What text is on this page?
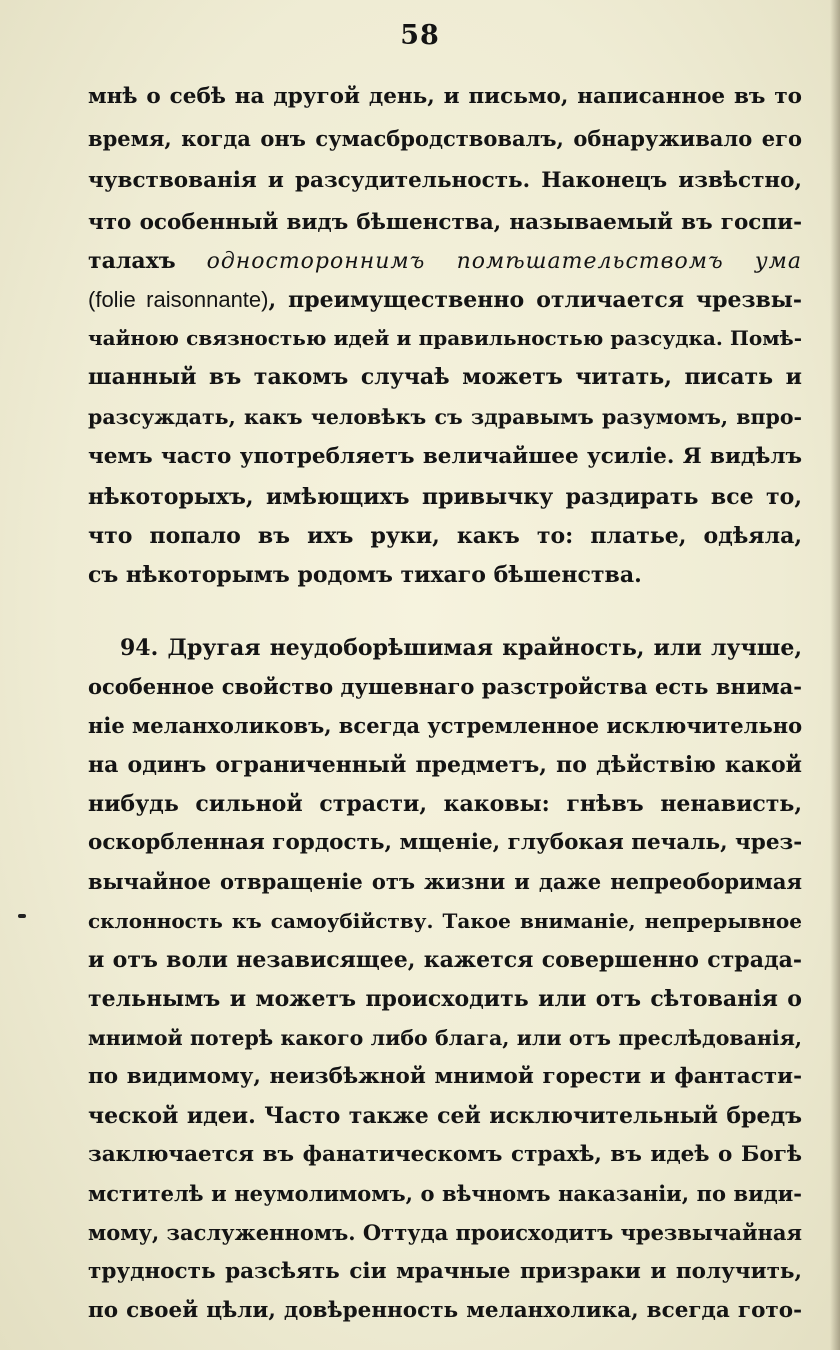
58
мнѣ о себѣ на другой день, и письмо, написанное въ то
время, когда онъ сумасбродствовалъ, обнаруживало его
чувствованія и разсудительность. Наконецъ извѣстно,
что особенный видъ бѣшенства, называемый въ госпи-
талахъ одностороннимъ помѣшательствомъ ума
(folie raisonnante), преимущественно отличается чрезвы-
чайною связностью идей и правильностью разсудка. Помѣ-
шанный въ такомъ случаѣ можетъ читать, писать и
разсуждать, какъ человѣкъ съ здравымъ разумомъ, впро-
чемъ часто употребляетъ величайшее усиліе. Я видѣлъ
нѣкоторыхъ, имѣющихъ привычку раздирать все то,
что попало въ ихъ руки, какъ то: платье, одѣяла,
съ нѣкоторымъ родомъ тихаго бѣшенства.
94. Другая неудоборѣшимая крайность, или лучше,
особенное свойство душевнаго разстройства есть внима-
ніе меланхоликовъ, всегда устремленное исключительно
на одинъ ограниченный предметъ, по дѣйствію какой
нибудь сильной страсти, каковы: гнѣвъ ненависть,
оскорбленная гордость, мщеніе, глубокая печаль, чрез-
вычайное отвращеніе отъ жизни и даже непреоборимая
склонность къ самоубійству. Такое вниманіе, непрерывное
и отъ воли независящее, кажется совершенно страда-
тельнымъ и можетъ происходить или отъ сѣтованія о
мнимой потерѣ какого либо блага, или отъ преслѣдованія,
по видимому, неизбѣжной мнимой горести и фантасти-
ческой идеи. Часто также сей исключительный бредъ
заключается въ фанатическомъ страхѣ, въ идеѣ о Богѣ
мстителѣ и неумолимомъ, о вѣчномъ наказаніи, по види-
мому, заслуженномъ. Оттуда происходитъ чрезвычайная
трудность разсѣять сіи мрачные призраки и получить,
по своей цѣли, довѣренность меланхолика, всегда гото-
